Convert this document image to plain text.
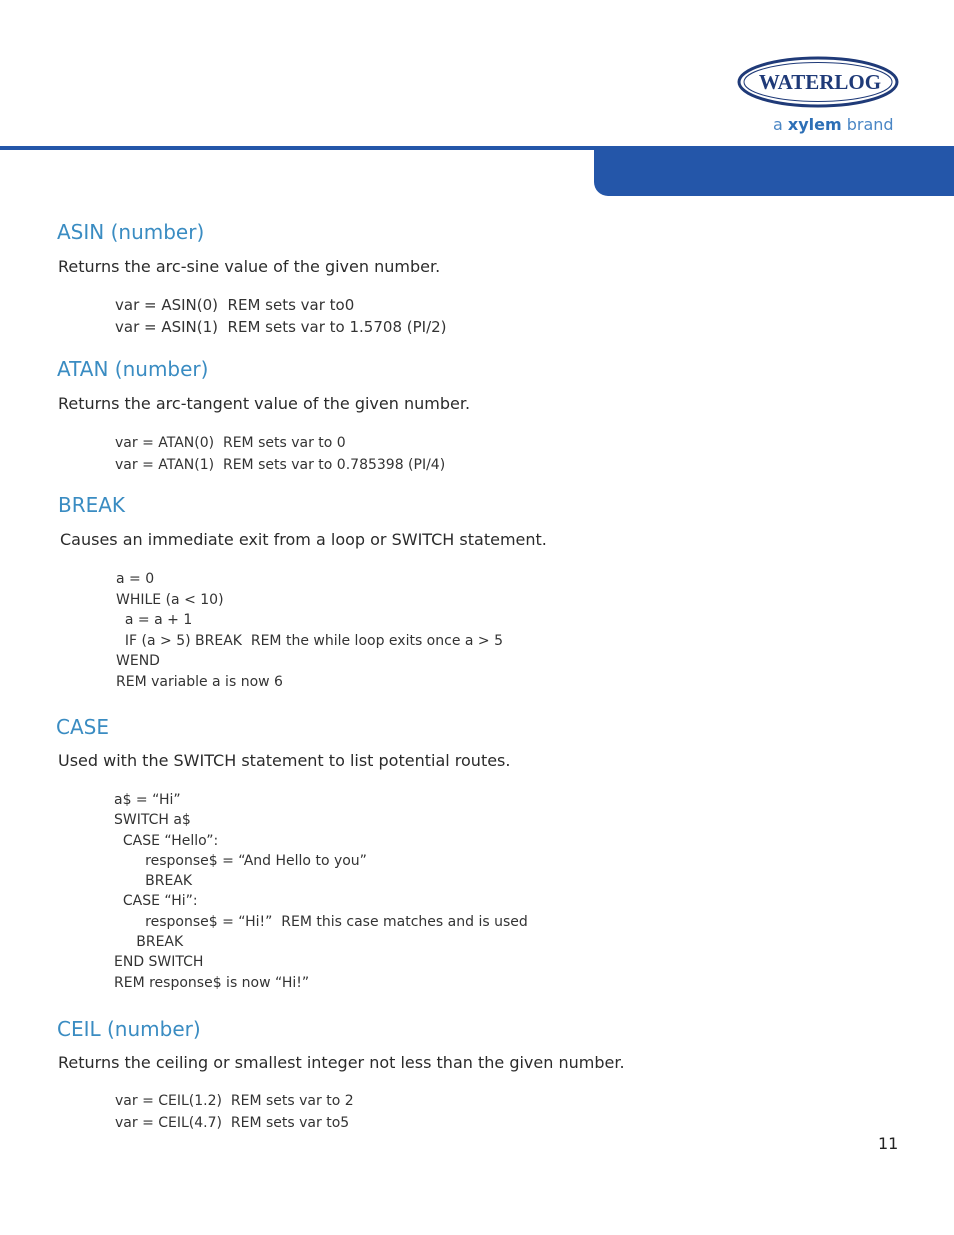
WATERLOG
a xylem brand
ASIN (number)
Returns the arc-sine value of the given number.
var = ASIN(0)  REM sets var to0
var = ASIN(1)  REM sets var to 1.5708 (PI/2)
ATAN (number)
Returns the arc-tangent value of the given number.
var = ATAN(0)  REM sets var to 0
var = ATAN(1)  REM sets var to 0.785398 (PI/4)
BREAK
Causes an immediate exit from a loop or SWITCH statement.
a = 0
WHILE (a < 10)
a = a + 1
IF (a > 5) BREAK  REM the while loop exits once a > 5
WEND
REM variable a is now 6
CASE
Used with the SWITCH statement to list potential routes.
a$ = “Hi”
SWITCH a$
CASE “Hello”:
response$ = “And Hello to you”
BREAK
CASE “Hi”:
response$ = “Hi!”  REM this case matches and is used
BREAK
END SWITCH
REM response$ is now “Hi!”
CEIL (number)
Returns the ceiling or smallest integer not less than the given number.
var = CEIL(1.2)  REM sets var to 2
var = CEIL(4.7)  REM sets var to5
11
